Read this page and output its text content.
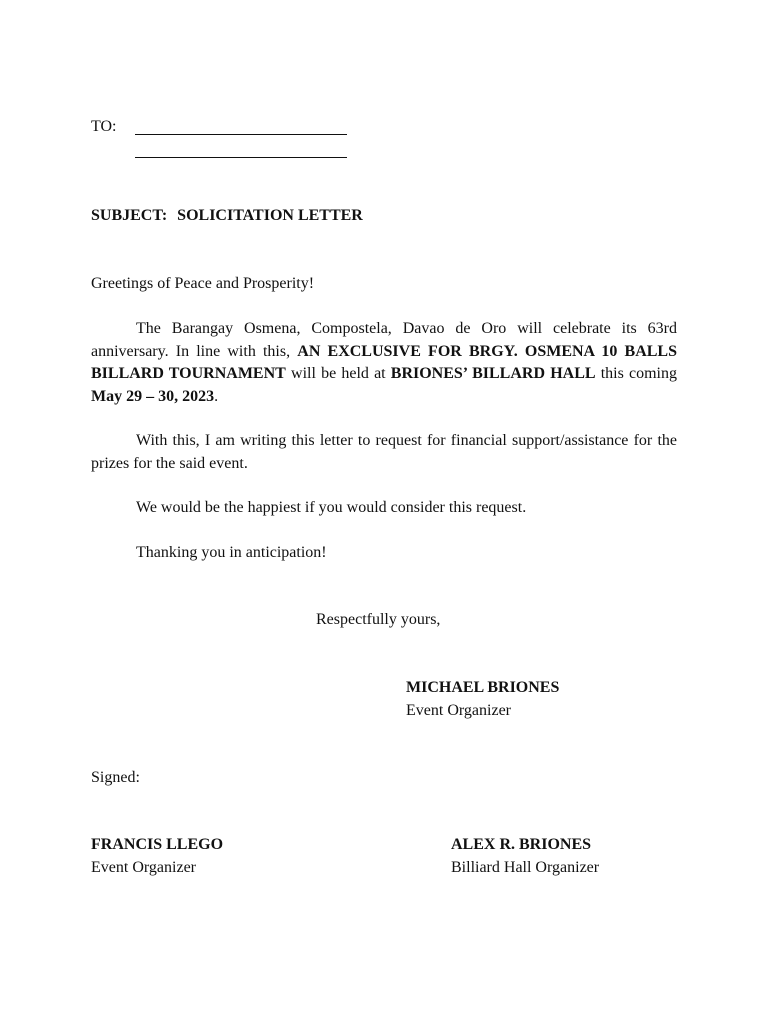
TO:
SUBJECT: SOLICITATION LETTER
Greetings of Peace and Prosperity!

The Barangay Osmena, Compostela, Davao de Oro will celebrate its 63rd anniversary. In line with this, AN EXCLUSIVE FOR BRGY. OSMENA 10 BALLS BILLARD TOURNAMENT will be held at BRIONES’ BILLARD HALL this coming May 29 – 30, 2023.

With this, I am writing this letter to request for financial support/assistance for the prizes for the said event.

We would be the happiest if you would consider this request.

Thanking you in anticipation!

Respectfully yours,
MICHAEL BRIONES
Event Organizer
Signed:
FRANCIS LLEGO
Event Organizer
ALEX R. BRIONES
Billiard Hall Organizer
